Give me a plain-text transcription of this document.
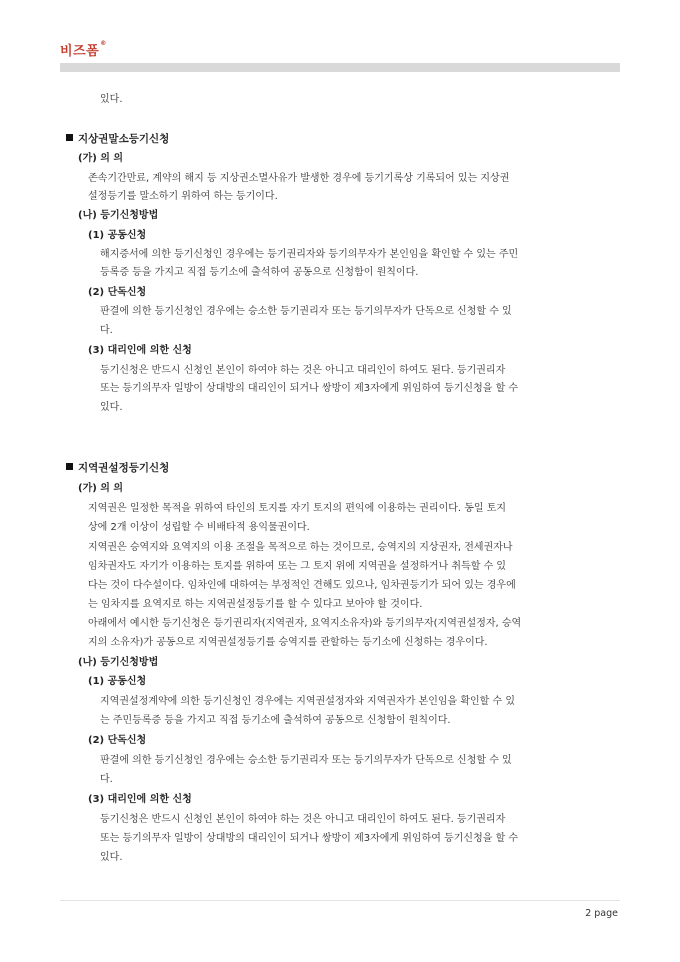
비즈폼®
있다.
지상권말소등기신청
(가) 의 의
존속기간만료, 계약의 해지 등 지상권소멸사유가 발생한 경우에 등기기록상 기록되어 있는 지상권
설정등기를 말소하기 위하여 하는 등기이다.
(나) 등기신청방법
(1) 공동신청
해지증서에 의한 등기신청인 경우에는 등기권리자와 등기의무자가 본인임을 확인할 수 있는 주민
등록증 등을 가지고 직접 등기소에 출석하여 공동으로 신청함이 원칙이다.
(2) 단독신청
판결에 의한 등기신청인 경우에는 승소한 등기권리자 또는 등기의무자가 단독으로 신청할 수 있
다.
(3) 대리인에 의한 신청
등기신청은 반드시 신청인 본인이 하여야 하는 것은 아니고 대리인이 하여도 된다. 등기권리자
또는 등기의무자 일방이 상대방의 대리인이 되거나 쌍방이 제3자에게 위임하여 등기신청을 할 수
있다.
지역권설정등기신청
(가) 의 의
지역권은 일정한 목적을 위하여 타인의 토지를 자기 토지의 편익에 이용하는 권리이다. 동일 토지
상에 2개 이상이 성립할 수 비배타적 용익물권이다.
지역권은 승역지와 요역지의 이용 조절을 목적으로 하는 것이므로, 승역지의 지상권자, 전세권자나
임차권자도 자기가 이용하는 토지를 위하여 또는 그 토지 위에 지역권을 설정하거나 취득할 수 있
다는 것이 다수설이다. 임차인에 대하여는 부정적인 견해도 있으나, 임차권등기가 되어 있는 경우에
는 임차지를 요역지로 하는 지역권설정등기를 할 수 있다고 보아야 할 것이다.
아래에서 예시한 등기신청은 등기권리자(지역권자, 요역지소유자)와 등기의무자(지역권설정자, 승역
지의 소유자)가 공동으로 지역권설정등기를 승역지를 관할하는 등기소에 신청하는 경우이다.
(나) 등기신청방법
(1) 공동신청
지역권설정계약에 의한 등기신청인 경우에는 지역권설정자와 지역권자가 본인임을 확인할 수 있
는 주민등록증 등을 가지고 직접 등기소에 출석하여 공동으로 신청함이 원칙이다.
(2) 단독신청
판결에 의한 등기신청인 경우에는 승소한 등기권리자 또는 등기의무자가 단독으로 신청할 수 있
다.
(3) 대리인에 의한 신청
등기신청은 반드시 신청인 본인이 하여야 하는 것은 아니고 대리인이 하여도 된다. 등기권리자
또는 등기의무자 일방이 상대방의 대리인이 되거나 쌍방이 제3자에게 위임하여 등기신청을 할 수
있다.
2 page
